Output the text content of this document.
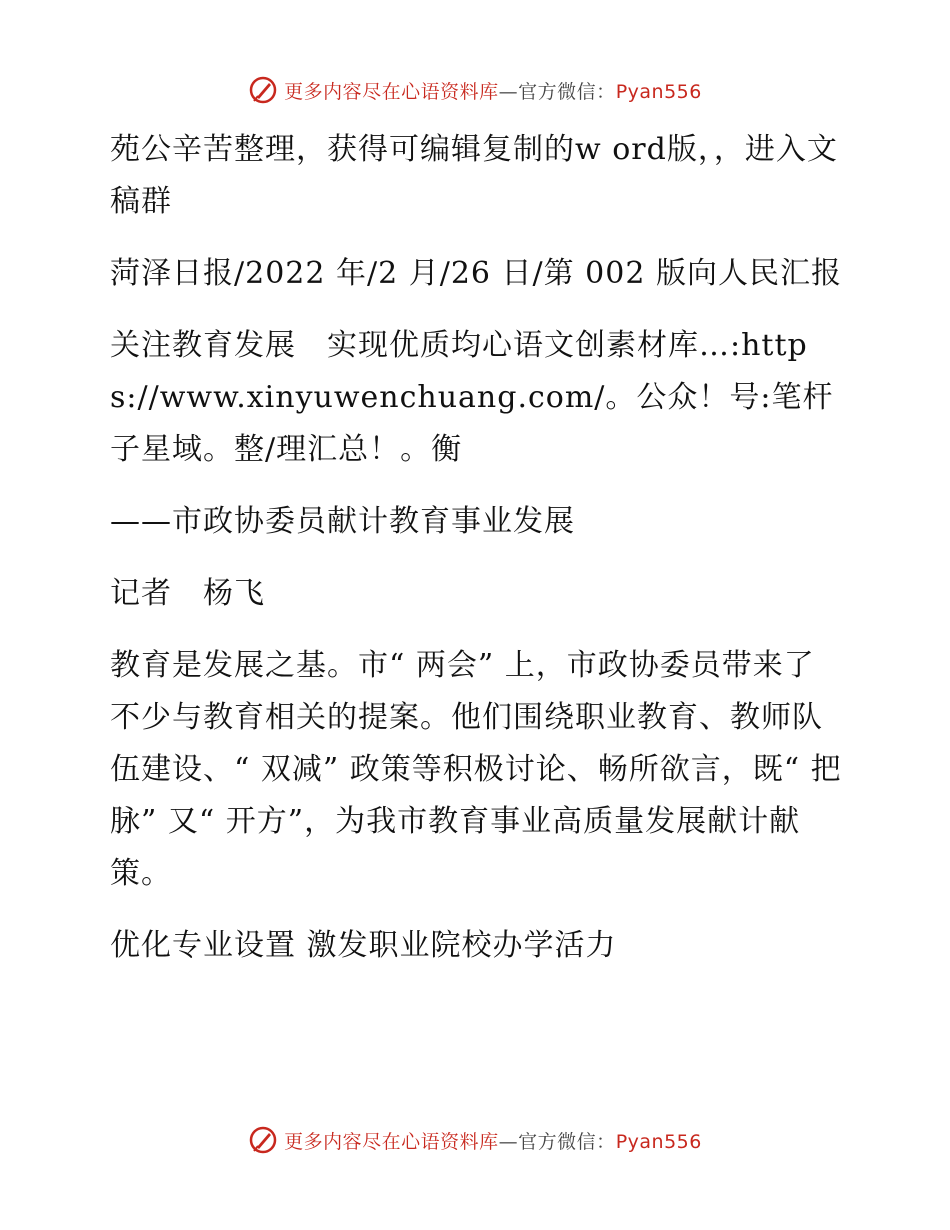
更多内容尽在心语资料库—官方微信：Pyan556

苑公辛苦整理，获得可编辑复制的w ord版，，进入文稿群

菏泽日报/2022 年/2 月/26 日/第 002 版向人民汇报

关注教育发展　实现优质均心语文创素材库…:https://www.xinyuwenchuang.com/。公众！号:笔杆子星域。整/理汇总！。衡

——市政协委员献计教育事业发展

记者　杨飞

教育是发展之基。市“ 两会” 上，市政协委员带来了不少与教育相关的提案。他们围绕职业教育、教师队伍建设、“ 双减” 政策等积极讨论、畅所欲言，既“ 把脉” 又“ 开方”，为我市教育事业高质量发展献计献策。

优化专业设置 激发职业院校办学活力

更多内容尽在心语资料库—官方微信：Pyan556
